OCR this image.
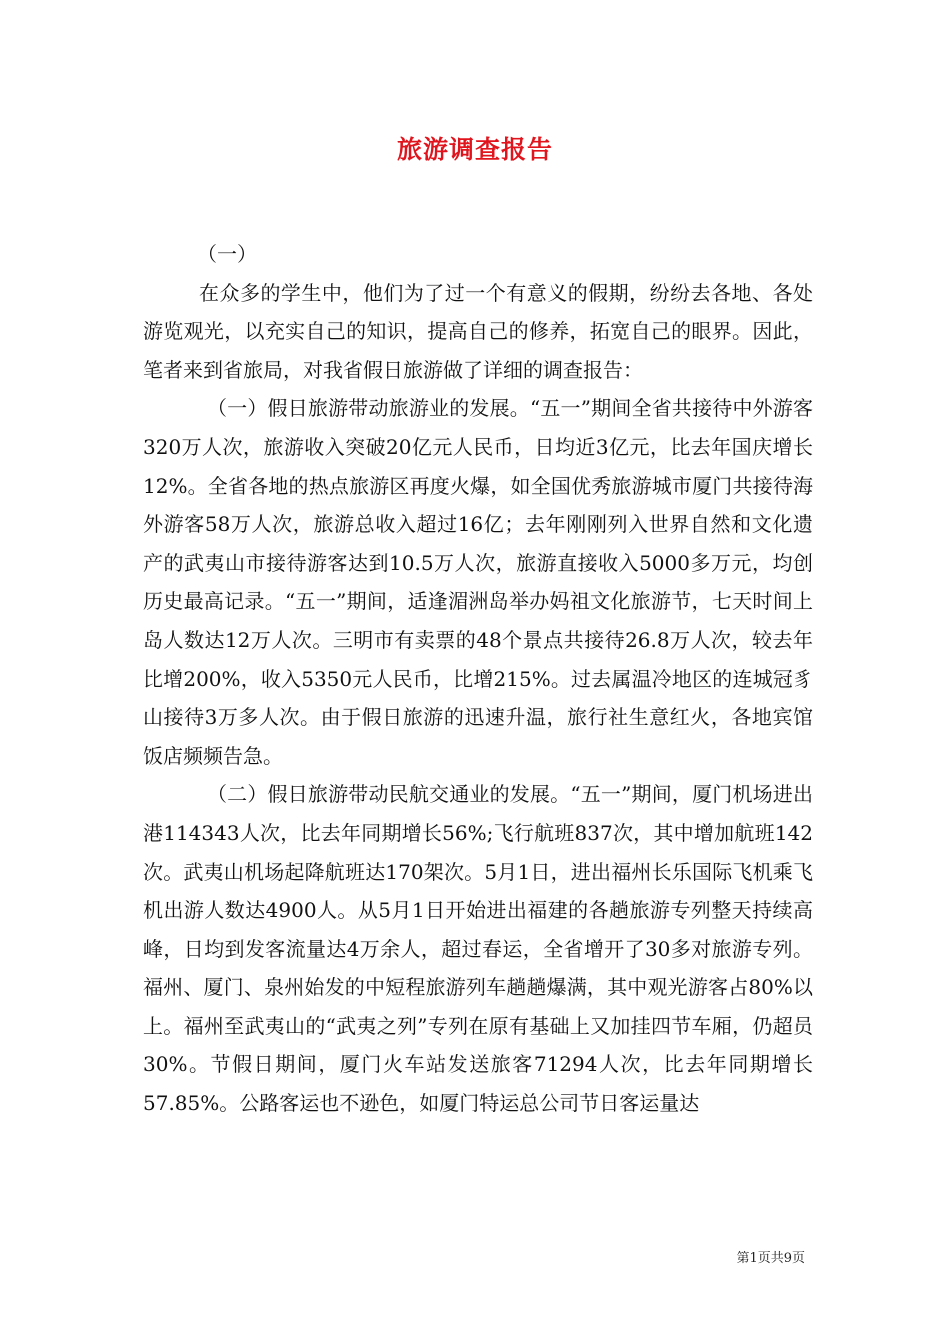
旅游调查报告

（一）

在众多的学生中，他们为了过一个有意义的假期，纷纷去各地、各处游览观光，以充实自己的知识，提高自己的修养，拓宽自己的眼界。因此，笔者来到省旅局，对我省假日旅游做了详细的调查报告：

（一）假日旅游带动旅游业的发展。“五一”期间全省共接待中外游客320万人次，旅游收入突破20亿元人民币，日均近3亿元，比去年国庆增长12%。全省各地的热点旅游区再度火爆，如全国优秀旅游城市厦门共接待海外游客58万人次，旅游总收入超过16亿；去年刚刚列入世界自然和文化遗产的武夷山市接待游客达到10.5万人次，旅游直接收入5000多万元，均创历史最高记录。“五一”期间，适逢湄洲岛举办妈祖文化旅游节，七天时间上岛人数达12万人次。三明市有卖票的48个景点共接待26.8万人次，较去年比增200%，收入5350元人民币，比增215%。过去属温冷地区的连城冠豸山接待3万多人次。由于假日旅游的迅速升温，旅行社生意红火，各地宾馆饭店频频告急。

（二）假日旅游带动民航交通业的发展。“五一”期间，厦门机场进出港114343人次，比去年同期增长56%;飞行航班837次，其中增加航班142次。武夷山机场起降航班达170架次。5月1日，进出福州长乐国际飞机乘飞机出游人数达4900人。从5月1日开始进出福建的各趟旅游专列整天持续高峰，日均到发客流量达4万余人，超过春运，全省增开了30多对旅游专列。福州、厦门、泉州始发的中短程旅游列车趟趟爆满，其中观光游客占80%以上。福州至武夷山的“武夷之列”专列在原有基础上又加挂四节车厢，仍超员30%。节假日期间，厦门火车站发送旅客71294人次，比去年同期增长57.85%。公路客运也不逊色，如厦门特运总公司节日客运量达

第1页共9页
